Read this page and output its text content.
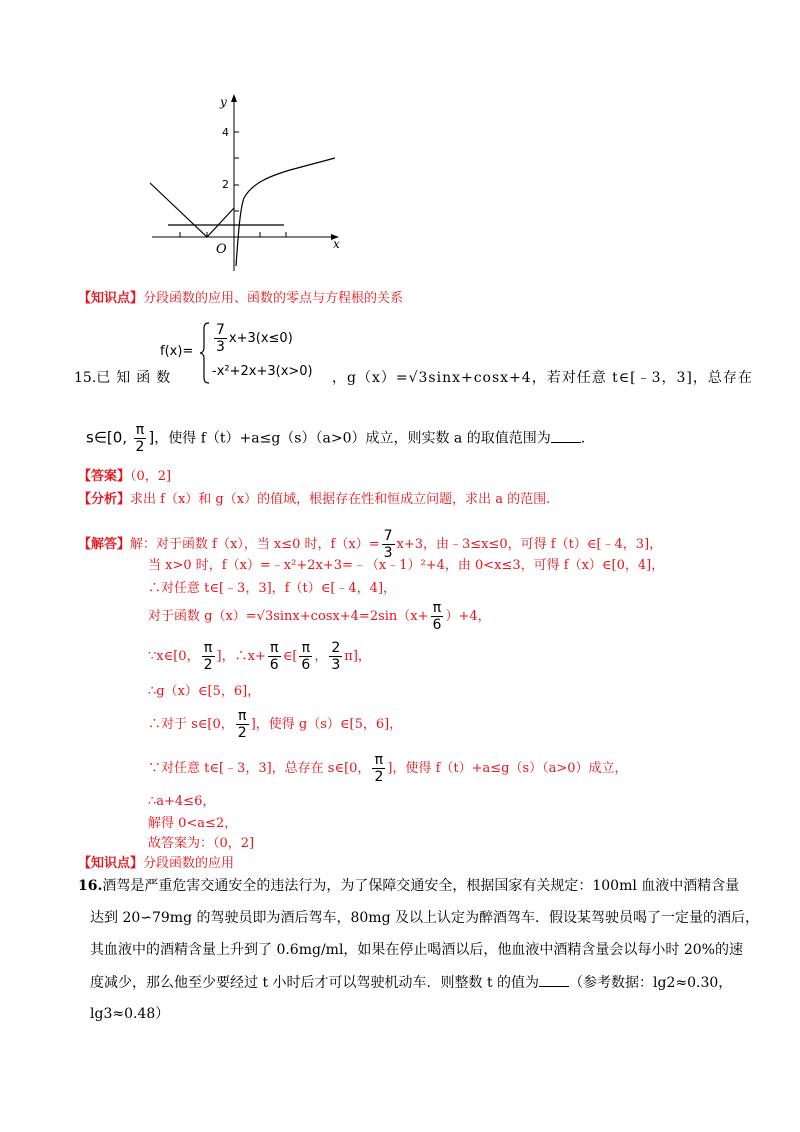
y
x
O
4
2
【知识点】分段函数的应用、函数的零点与方程根的关系
$f(x)= \frac{7}{3} x+3(x\le 0)$
-x²+2x+3(x>0)
15.已知函数	，g（x）=√3sinx+cosx+4，若对任意 t∈[﹣3，3]，总存在
s∈[0, $\frac{\pi}{2}$ ]，使得 f（t）+a≤g（s）（a>0）成立，则实数 a 的取值范围为 .
【答案】（0，2]
【分析】求出 f（x）和 g（x）的值域，根据存在性和恒成立问题，求出 a 的范围.
【解答】解：对于函数 f（x），当 x≤0 时，$f(x)= \frac{7}{3} x+3$，由﹣3≤x≤0，可得 f（t）∈[﹣4，3]，
当 x>0 时，f（x）=﹣x²+2x+3=﹣（x﹣1）²+4，由 0<x≤3，可得 f（x）∈[0，4]，
∴对任意 t∈[﹣3，3]，f（t）∈[﹣4，4]，
对于函数 $g(x)=√3\sin x+\cos x+4=2\sin(x+ \frac{\pi}{6} )+4$，
∵x∈[0， $\frac{\pi}{2}$ ]，∴x+ $\frac{\pi}{6}$ ∈[ $\frac{\pi}{6}$ ， $\frac{2}{3} \pi$]，
∴g（x）∈[5，6]，
∴对于 s∈[0， $\frac{\pi}{2}$ ]，使得 g（s）∈[5，6]，
∵对任意 t∈[﹣3，3]，总存在 s∈[0， $\frac{\pi}{2}$ ]，使得 f（t）+a≤g（s）（a>0）成立，
∴a+4≤6，
解得 0<a≤2，
故答案为：（0，2]
【知识点】分段函数的应用
16.酒驾是严重危害交通安全的违法行为，为了保障交通安全，根据国家有关规定：100ml 血液中酒精含量
达到 20∽79mg 的驾驶员即为酒后驾车，80mg 及以上认定为醉酒驾车．假设某驾驶员喝了一定量的酒后，
其血液中的酒精含量上升到了 0.6mg/ml，如果在停止喝酒以后，他血液中酒精含量会以每小时 20%的速
度减少，那么他至少要经过 t 小时后才可以驾驶机动车．则整数 t 的值为 （参考数据：lg2≈0.30，
lg3≈0.48）
